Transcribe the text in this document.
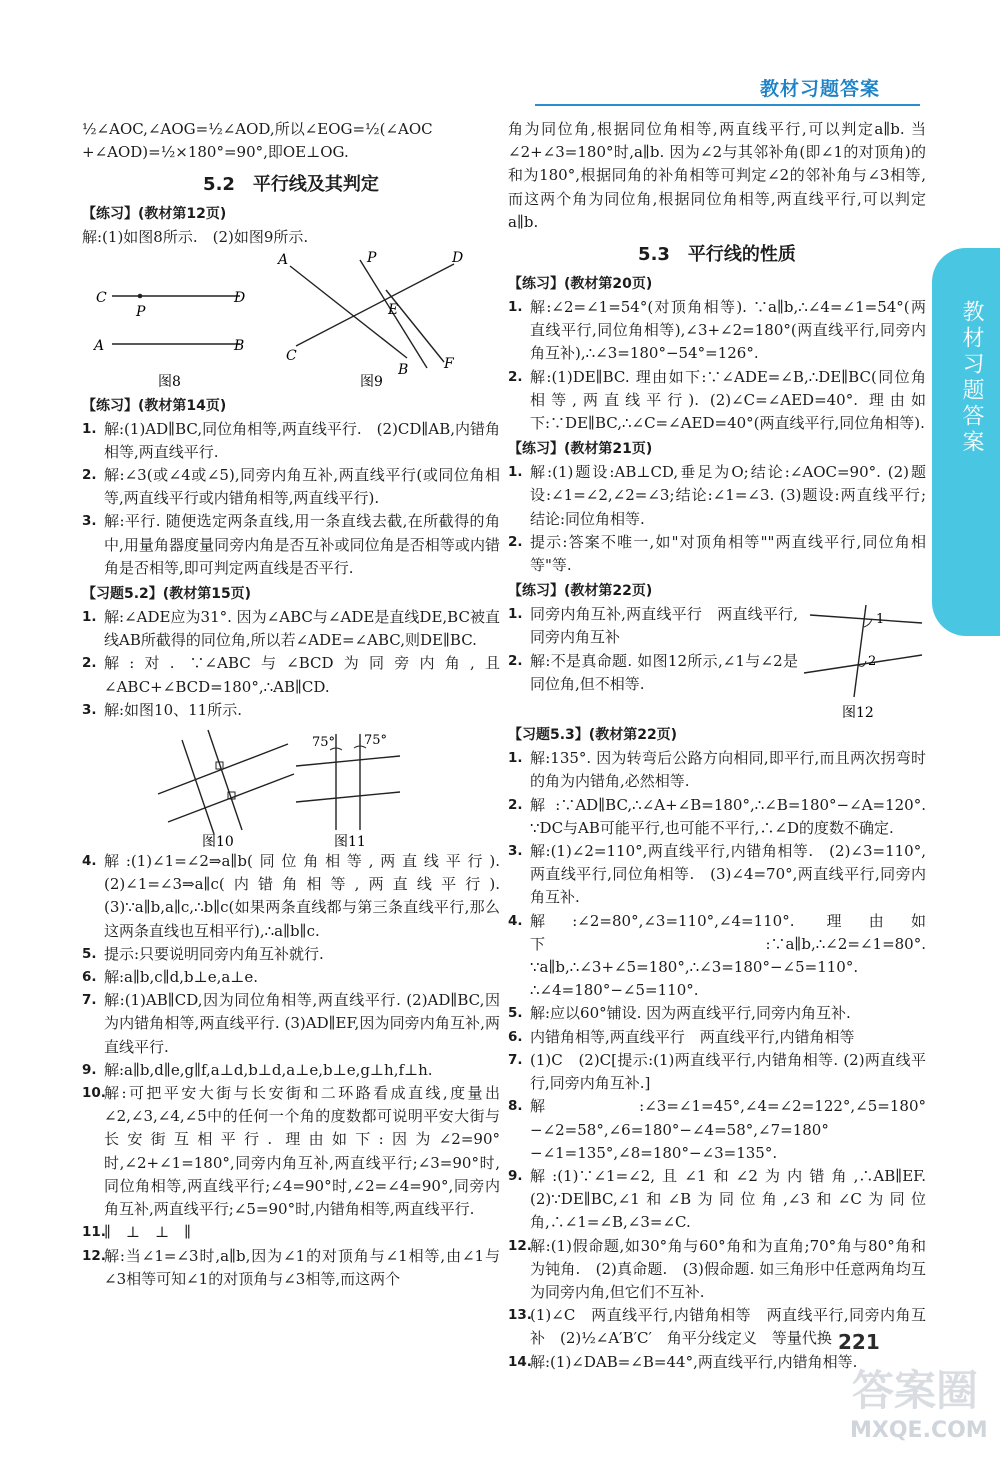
教材习题答案
教材习题答案

½∠AOC,∠AOG=½∠AOD,所以∠EOG=½(∠AOC

+∠AOD)=½×180°=90°,即OE⊥OG.

5.2　平行线及其判定
【练习】(教材第12页)

解:(1)如图8所示.　(2)如图9所示.

C
P
D
A	B
图8
A	P	D
E
C
B	F
图9
【练习】(教材第14页)
1. 解:(1)AD∥BC,同位角相等,两直线平行.　(2)CD∥AB,内错角相等,两直线平行.
2. 解:∠3(或∠4或∠5),同旁内角互补,两直线平行(或同位角相等,两直线平行或内错角相等,两直线平行).
3. 解:平行. 随便选定两条直线,用一条直线去截,在所截得的角中,用量角器度量同旁内角是否互补或同位角是否相等或内错角是否相等,即可判定两直线是否平行.
【习题5.2】(教材第15页)
1. 解:∠ADE应为31°. 因为∠ABC与∠ADE是直线DE,BC被直线AB所截得的同位角,所以若∠ADE=∠ABC,则DE∥BC.
2. 解:对. ∵∠ABC与∠BCD为同旁内角,且∠ABC+∠BCD=180°,∴AB∥CD.
3. 解:如图10、11所示.
图10
75° 75°
图11
4. 解:(1)∠1=∠2⇒a∥b(同位角相等,两直线平行). (2)∠1=∠3⇒a∥c(内错角相等,两直线平行). (3)∵a∥b,a∥c,∴b∥c(如果两条直线都与第三条直线平行,那么这两条直线也互相平行),∴a∥b∥c.
5. 提示:只要说明同旁内角互补就行.
6. 解:a∥b,c∥d,b⊥e,a⊥e.
7. 解:(1)AB∥CD,因为同位角相等,两直线平行. (2)AD∥BC,因为内错角相等,两直线平行. (3)AD∥EF,因为同旁内角互补,两直线平行.
9. 解:a∥b,d∥e,g∥f,a⊥d,b⊥d,a⊥e,b⊥e,g⊥h,f⊥h.
10.
解:可把平安大街与长安街和二环路看成直线,度量出∠2,∠3,∠4,∠5中的任何一个角的度数都可说明平安大街与长安街互相平行. 理由如下:因为∠2=90°时,∠2+∠1=180°,同旁内角互补,两直线平行;∠3=90°时,同位角相等,两直线平行;∠4=90°时,∠2=∠4=90°,同旁内角互补,两直线平行;∠5=90°时,内错角相等,两直线平行.
11.
∥　⊥　⊥　∥
12.
解:当∠1=∠3时,a∥b,因为∠1的对顶角与∠1相等,由∠1与∠3相等可知∠1的对顶角与∠3相等,而这两个

角为同位角,根据同位角相等,两直线平行,可以判定a∥b. 当∠2+∠3=180°时,a∥b. 因为∠2与其邻补角(即∠1的对顶角)的和为180°,根据同角的补角相等可判定∠2的邻补角与∠3相等,而这两个角为同位角,根据同位角相等,两直线平行,可以判定a∥b.

5.3　平行线的性质
【练习】(教材第20页)
1. 解:∠2=∠1=54°(对顶角相等). ∵a∥b,∴∠4=∠1=54°(两直线平行,同位角相等),∠3+∠2=180°(两直线平行,同旁内角互补),∴∠3=180°−54°=126°.
2. 解:(1)DE∥BC. 理由如下:∵∠ADE=∠B,∴DE∥BC(同位角相等,两直线平行). (2)∠C=∠AED=40°. 理由如下:∵DE∥BC,∴∠C=∠AED=40°(两直线平行,同位角相等).
【练习】(教材第21页)
1. 解:(1)题设:AB⊥CD,垂足为O;结论:∠AOC=90°. (2)题设:∠1=∠2,∠2=∠3;结论:∠1=∠3. (3)题设:两直线平行;结论:同位角相等.
2. 提示:答案不唯一,如"对顶角相等""两直线平行,同位角相等"等.
【练习】(教材第22页)
1. 同旁内角互补,两直线平行　两直线平行,同旁内角互补
2. 解:不是真命题. 如图12所示,∠1与∠2是同位角,但不相等.
1
2
图12
【习题5.3】(教材第22页)
1. 解:135°. 因为转弯后公路方向相同,即平行,而且两次拐弯时的角为内错角,必然相等.
2. 解:∵AD∥BC,∴∠A+∠B=180°,∴∠B=180°−∠A=120°. ∵DC与AB可能平行,也可能不平行,∴∠D的度数不确定.
3. 解:(1)∠2=110°,两直线平行,内错角相等.　(2)∠3=110°,两直线平行,同位角相等.　(3)∠4=70°,两直线平行,同旁内角互补.
4. 解:∠2=80°,∠3=110°,∠4=110°. 理由如下:∵a∥b,∴∠2=∠1=80°. ∵a∥b,∴∠3+∠5=180°,∴∠3=180°−∠5=110°. ∴∠4=180°−∠5=110°.
5. 解:应以60°铺设. 因为两直线平行,同旁内角互补.
6. 内错角相等,两直线平行　两直线平行,内错角相等
7. (1)C　(2)C[提示:(1)两直线平行,内错角相等. (2)两直线平行,同旁内角互补.]
8. 解:∠3=∠1=45°,∠4=∠2=122°,∠5=180°−∠2=58°,∠6=180°−∠4=58°,∠7=180°−∠1=135°,∠8=180°−∠3=135°.
9. 解:(1)∵∠1=∠2,且∠1和∠2为内错角,∴AB∥EF. (2)∵DE∥BC,∠1和∠B为同位角,∠3和∠C为同位角,∴∠1=∠B,∠3=∠C.
12.
解:(1)假命题,如30°角与60°角和为直角;70°角与80°角和为钝角.　(2)真命题.　(3)假命题. 如三角形中任意两角均互为同旁内角,但它们不互补.
13.
(1)∠C　两直线平行,内错角相等　两直线平行,同旁内角互补　(2)½∠A′B′C′　角平分线定义　等量代换
14.
解:(1)∠DAB=∠B=44°,两直线平行,内错角相等.
221
答案圈
MXQE.COM
